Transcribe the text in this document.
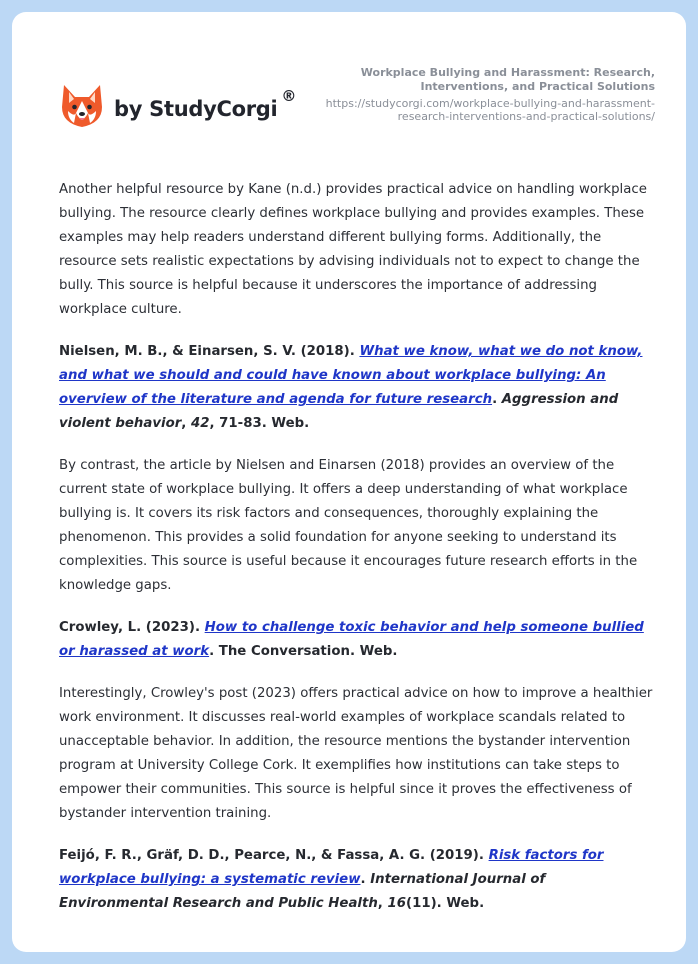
by StudyCorgi
®
Workplace Bullying and Harassment: Research, Interventions, and Practical Solutions
https://studycorgi.com/workplace-bullying-and-harassment-research-interventions-and-practical-solutions/

Another helpful resource by Kane (n.d.) provides practical advice on handling workplace bullying. The resource clearly defines workplace bullying and provides examples. These examples may help readers understand different bullying forms. Additionally, the resource sets realistic expectations by advising individuals not to expect to change the bully. This source is helpful because it underscores the importance of addressing workplace culture.

Nielsen, M. B., & Einarsen, S. V. (2018). What we know, what we do not know, and what we should and could have known about workplace bullying: An overview of the literature and agenda for future research. Aggression and violent behavior, 42, 71-83. Web.

By contrast, the article by Nielsen and Einarsen (2018) provides an overview of the current state of workplace bullying. It offers a deep understanding of what workplace bullying is. It covers its risk factors and consequences, thoroughly explaining the phenomenon. This provides a solid foundation for anyone seeking to understand its complexities. This source is useful because it encourages future research efforts in the knowledge gaps.

Crowley, L. (2023). How to challenge toxic behavior and help someone bullied or harassed at work. The Conversation. Web.

Interestingly, Crowley's post (2023) offers practical advice on how to improve a healthier work environment. It discusses real-world examples of workplace scandals related to unacceptable behavior. In addition, the resource mentions the bystander intervention program at University College Cork. It exemplifies how institutions can take steps to empower their communities. This source is helpful since it proves the effectiveness of bystander intervention training.

Feijó, F. R., Gräf, D. D., Pearce, N., & Fassa, A. G. (2019). Risk factors for workplace bullying: a systematic review. International Journal of Environmental Research and Public Health, 16(11). Web.
